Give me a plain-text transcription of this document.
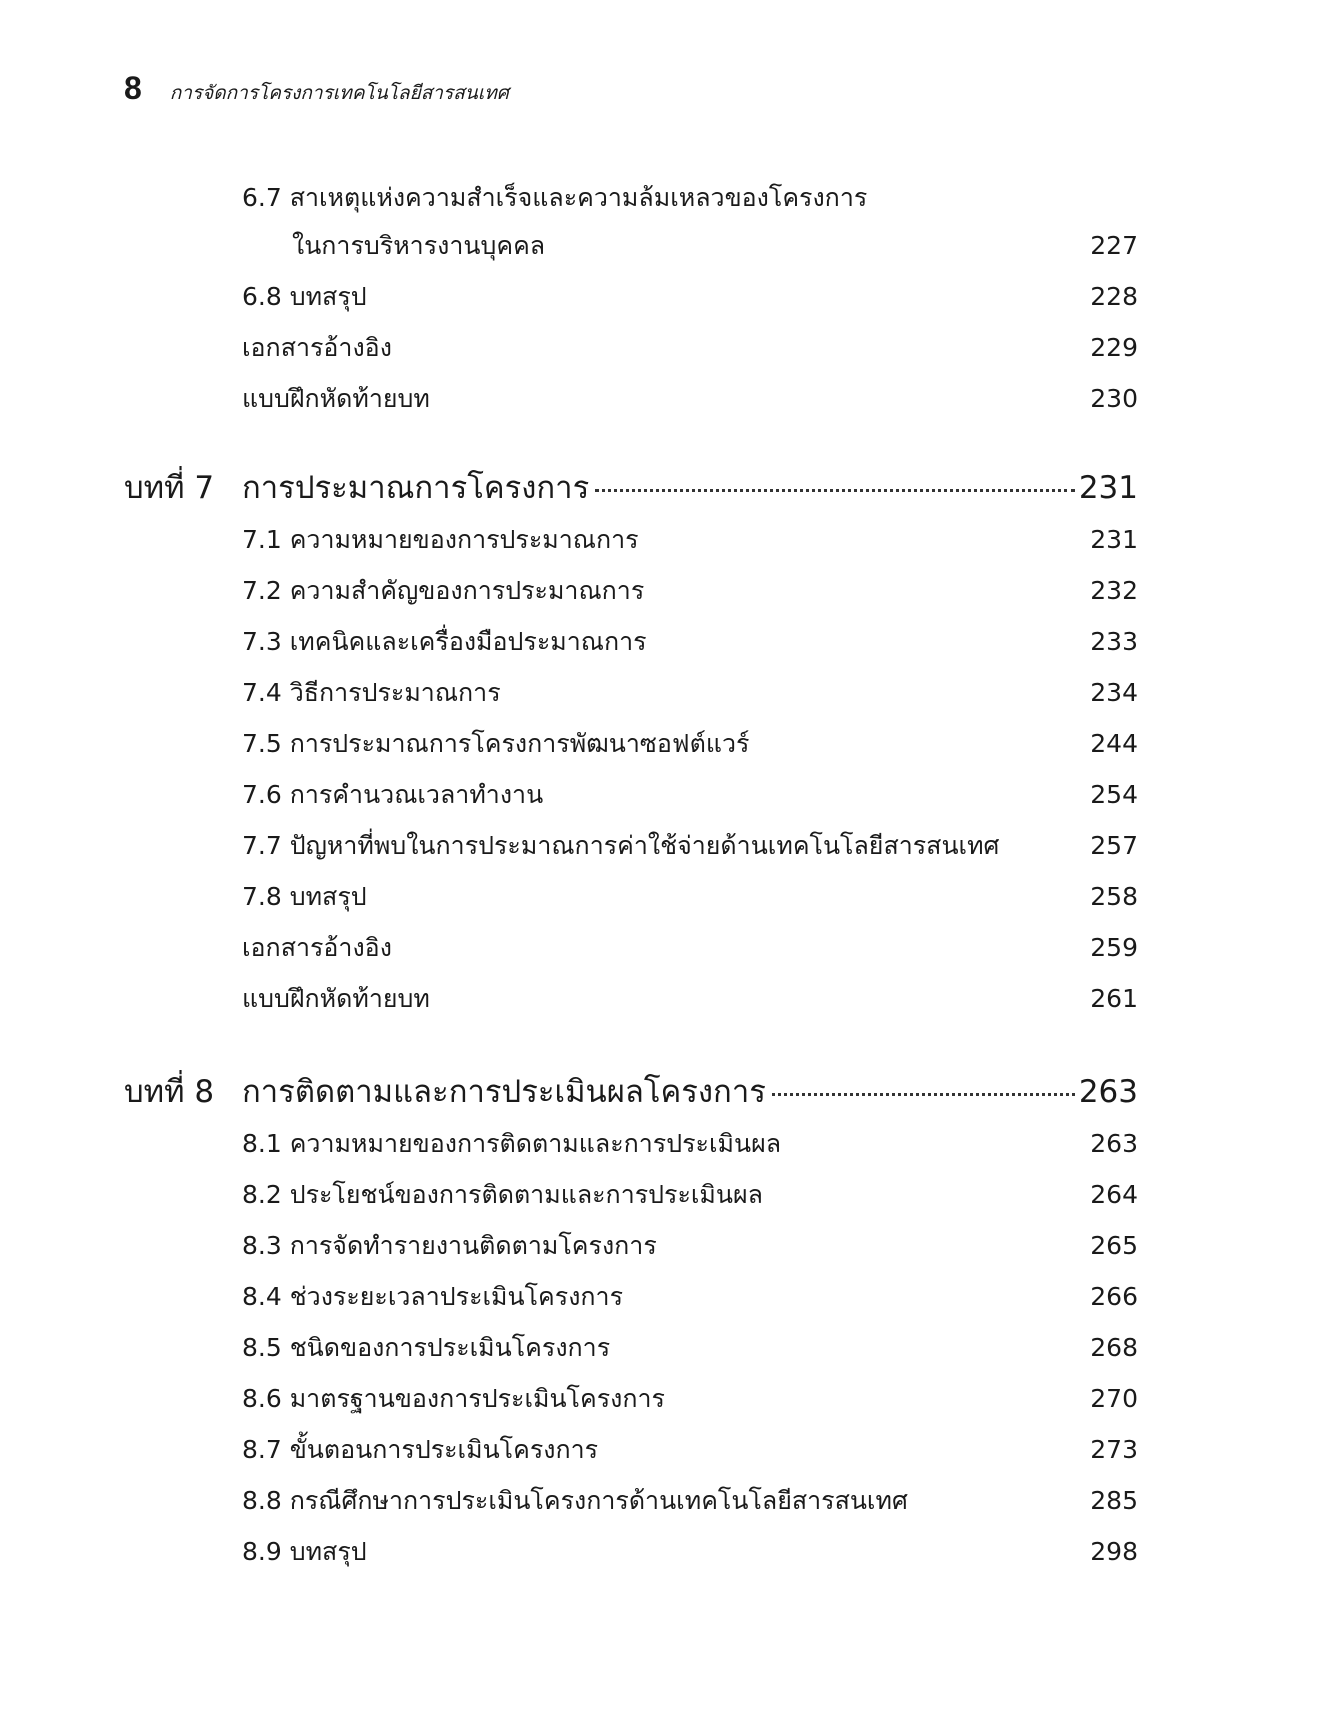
8 การจัดการโครงการเทคโนโลยีสารสนเทศ
6.7 สาเหตุแห่งความสำเร็จและความล้มเหลวของโครงการ
ในการบริหารงานบุคคล	227
6.8 บทสรุป	228
เอกสารอ้างอิง	229
แบบฝึกหัดท้ายบท	230
บทที่ 7 การประมาณการโครงการ	231
7.1 ความหมายของการประมาณการ	231
7.2 ความสำคัญของการประมาณการ	232
7.3 เทคนิคและเครื่องมือประมาณการ	233
7.4 วิธีการประมาณการ	234
7.5 การประมาณการโครงการพัฒนาซอฟต์แวร์	244
7.6 การคำนวณเวลาทำงาน	254
7.7 ปัญหาที่พบในการประมาณการค่าใช้จ่ายด้านเทคโนโลยีสารสนเทศ	257
7.8 บทสรุป	258
เอกสารอ้างอิง	259
แบบฝึกหัดท้ายบท	261
บทที่ 8 การติดตามและการประเมินผลโครงการ	263
8.1 ความหมายของการติดตามและการประเมินผล	263
8.2 ประโยชน์ของการติดตามและการประเมินผล	264
8.3 การจัดทำรายงานติดตามโครงการ	265
8.4 ช่วงระยะเวลาประเมินโครงการ	266
8.5 ชนิดของการประเมินโครงการ	268
8.6 มาตรฐานของการประเมินโครงการ	270
8.7 ขั้นตอนการประเมินโครงการ	273
8.8 กรณีศึกษาการประเมินโครงการด้านเทคโนโลยีสารสนเทศ	285
8.9 บทสรุป	298
